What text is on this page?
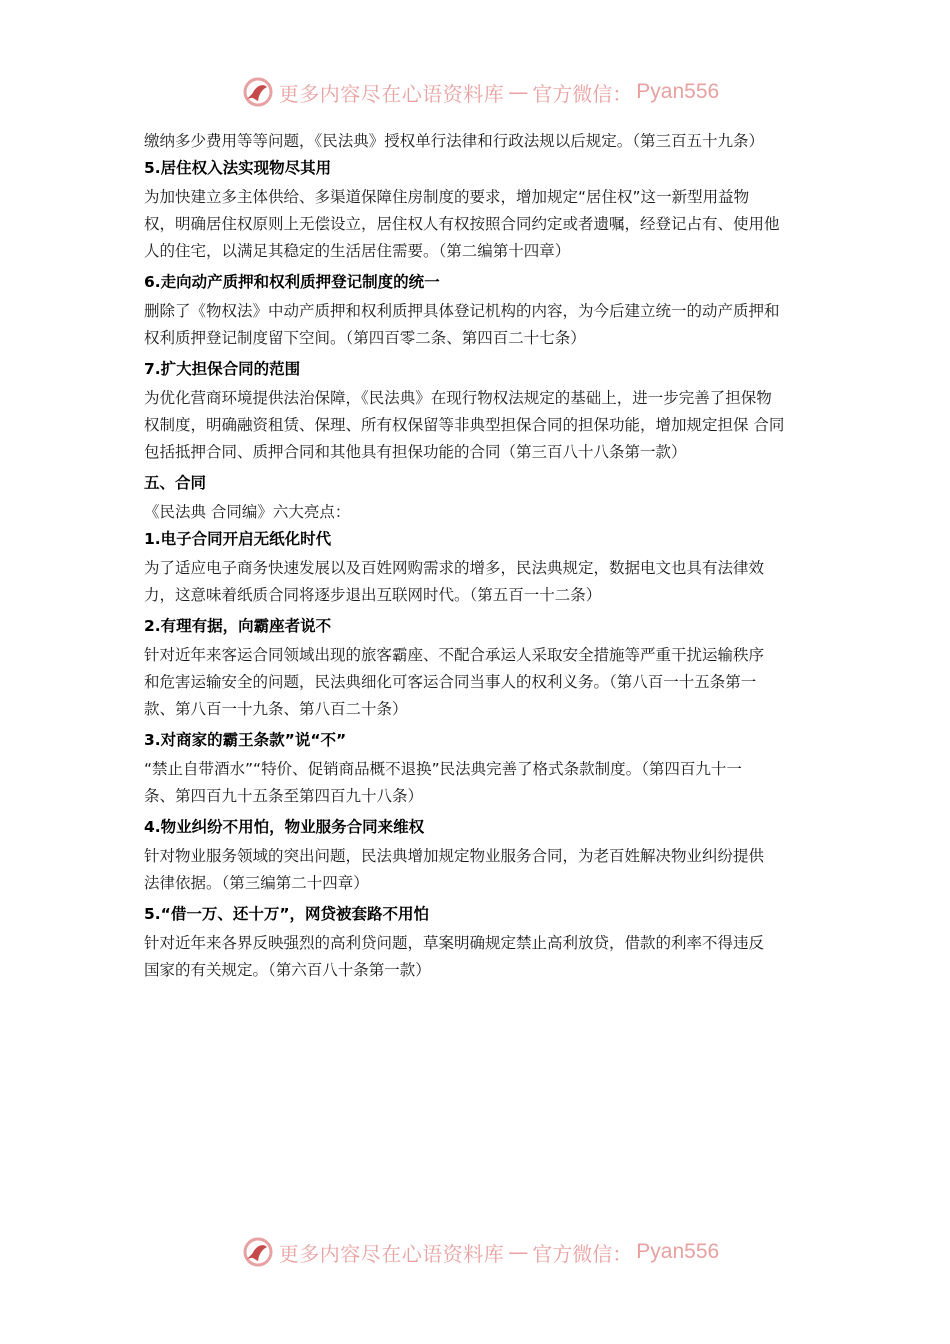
更多内容尽在心语资料库 — 官方微信： Pyan556
缴纳多少费用等等问题，《民法典》授权单行法律和行政法规以后规定。（第三百五十九条）
5.居住权入法实现物尽其用
为加快建立多主体供给、多渠道保障住房制度的要求，增加规定“居住权”这一新型用益物
权，明确居住权原则上无偿设立，居住权人有权按照合同约定或者遗嘱，经登记占有、使用他
人的住宅，以满足其稳定的生活居住需要。（第二编第十四章）
6.走向动产质押和权利质押登记制度的统一
删除了《物权法》中动产质押和权利质押具体登记机构的内容，为今后建立统一的动产质押和
权利质押登记制度留下空间。（第四百零二条、第四百二十七条）
7.扩大担保合同的范围
为优化营商环境提供法治保障，《民法典》在现行物权法规定的基础上，进一步完善了担保物
权制度，明确融资租赁、保理、所有权保留等非典型担保合同的担保功能，增加规定担保 合同
包括抵押合同、质押合同和其他具有担保功能的合同（第三百八十八条第一款）
五、合同
《民法典 合同编》六大亮点：
1.电子合同开启无纸化时代
为了适应电子商务快速发展以及百姓网购需求的增多，民法典规定，数据电文也具有法律效
力，这意味着纸质合同将逐步退出互联网时代。（第五百一十二条）
2.有理有据，向霸座者说不
针对近年来客运合同领域出现的旅客霸座、不配合承运人采取安全措施等严重干扰运输秩序
和危害运输安全的问题，民法典细化可客运合同当事人的权利义务。（第八百一十五条第一
款、第八百一十九条、第八百二十条）
3.对商家的霸王条款”说“不”
“禁止自带酒水”“特价、促销商品概不退换”民法典完善了格式条款制度。（第四百九十一
条、第四百九十五条至第四百九十八条）
4.物业纠纷不用怕，物业服务合同来维权
针对物业服务领域的突出问题，民法典增加规定物业服务合同，为老百姓解决物业纠纷提供
法律依据。（第三编第二十四章）
5.“借一万、还十万”，网贷被套路不用怕
针对近年来各界反映强烈的高利贷问题，草案明确规定禁止高利放贷，借款的利率不得违反
国家的有关规定。（第六百八十条第一款）
更多内容尽在心语资料库 — 官方微信： Pyan556
